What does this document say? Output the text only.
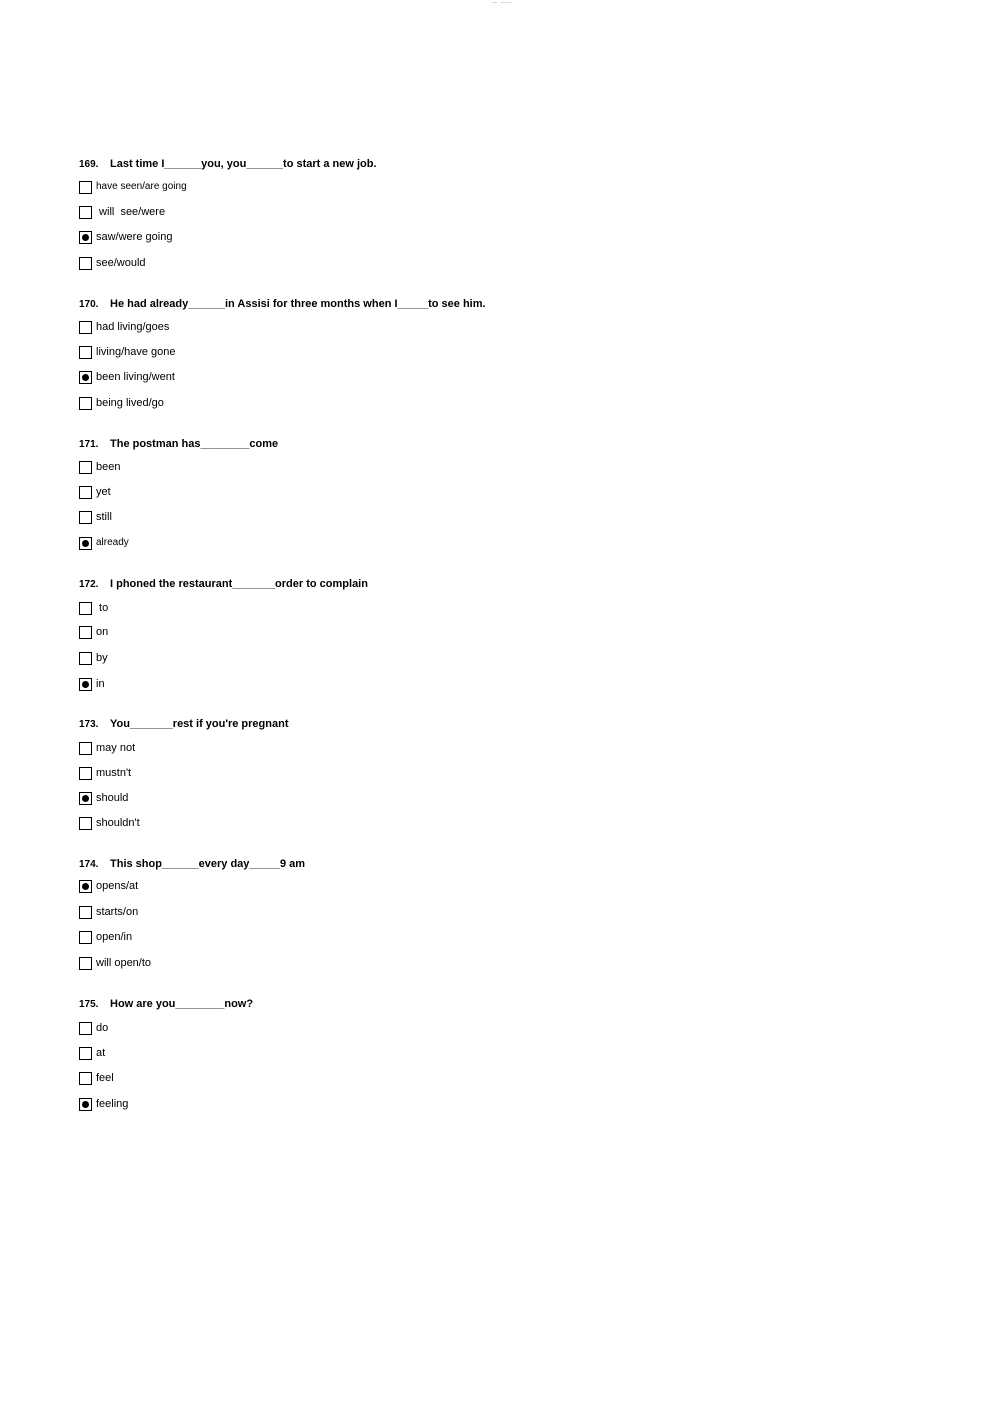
— ——
169. Last time I______you, you______to start a new job.
have seen/are going
will  see/were
saw/were going
see/would
170. He had already______in Assisi for three months when I_____to see him.
had living/goes
living/have gone
been living/went
being lived/go
171. The postman has________come
been
yet
still
already
172. I phoned the restaurant_______order to complain
to
on
by
in
173. You_______rest if you're pregnant
may not
mustn't
should
shouldn't
174. This shop______every day_____9 am
opens/at
starts/on
open/in
will open/to
175. How are you________now?
do
at
feel
feeling
